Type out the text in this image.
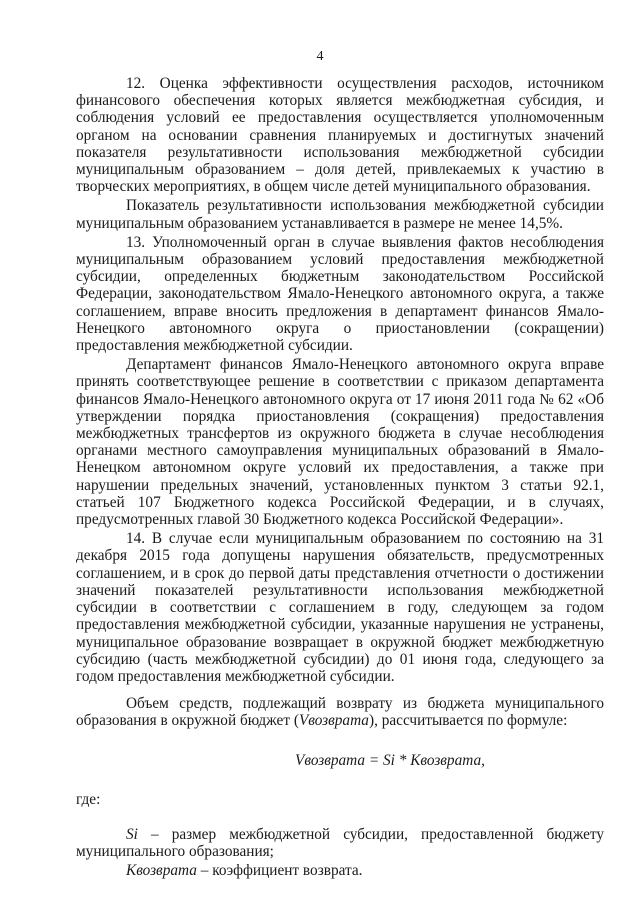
4

12. Оценка эффективности осуществления расходов, источником финансового обеспечения которых является межбюджетная субсидия, и соблюдения условий ее предоставления осуществляется уполномоченным органом на основании сравнения планируемых и достигнутых значений показателя результативности использования межбюджетной субсидии муниципальным образованием – доля детей, привлекаемых к участию в творческих мероприятиях, в общем числе детей муниципального образования.

Показатель результативности использования межбюджетной субсидии муниципальным образованием устанавливается в размере не менее 14,5%.

13. Уполномоченный орган в случае выявления фактов несоблюдения муниципальным образованием условий предоставления межбюджетной субсидии, определенных бюджетным законодательством Российской Федерации, законодательством Ямало-Ненецкого автономного округа, а также соглашением, вправе вносить предложения в департамент финансов Ямало-Ненецкого автономного округа о приостановлении (сокращении) предоставления межбюджетной субсидии.

Департамент финансов Ямало-Ненецкого автономного округа вправе принять соответствующее решение в соответствии с приказом департамента финансов Ямало-Ненецкого автономного округа от 17 июня 2011 года № 62 «Об утверждении порядка приостановления (сокращения) предоставления межбюджетных трансфертов из окружного бюджета в случае несоблюдения органами местного самоуправления муниципальных образований в Ямало-Ненецком автономном округе условий их предоставления, а также при нарушении предельных значений, установленных пунктом 3 статьи 92.1, статьей 107 Бюджетного кодекса Российской Федерации, и в случаях, предусмотренных главой 30 Бюджетного кодекса Российской Федерации».

14. В случае если муниципальным образованием по состоянию на 31 декабря 2015 года допущены нарушения обязательств, предусмотренных соглашением, и в срок до первой даты представления отчетности о достижении значений показателей результативности использования межбюджетной субсидии в соответствии с соглашением в году, следующем за годом предоставления межбюджетной субсидии, указанные нарушения не устранены, муниципальное образование возвращает в окружной бюджет межбюджетную субсидию (часть межбюджетной субсидии) до 01 июня года, следующего за годом предоставления межбюджетной субсидии.

Объем средств, подлежащий возврату из бюджета муниципального образования в окружной бюджет (Vвозврата), рассчитывается по формуле:

Vвозврата = Si * Kвозврата,

где:

Si – размер межбюджетной субсидии, предоставленной бюджету муниципального образования;

Kвозврата – коэффициент возврата.
